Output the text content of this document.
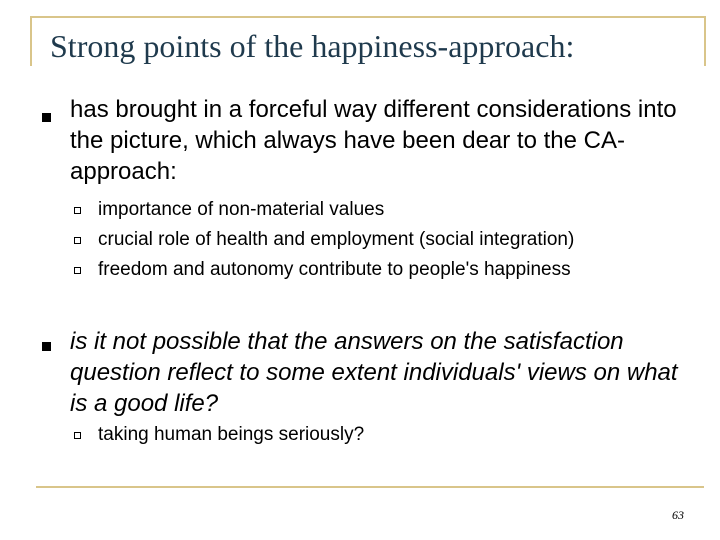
Strong points of the happiness-approach:
has brought in a forceful way different considerations into the picture, which always have been dear to the CA-approach:
importance of non-material values
crucial role of health and employment (social integration)
freedom and autonomy contribute to people's happiness
is it not possible that the answers on the satisfaction question reflect to some extent individuals' views on what is a good life?
taking human beings seriously?
63
